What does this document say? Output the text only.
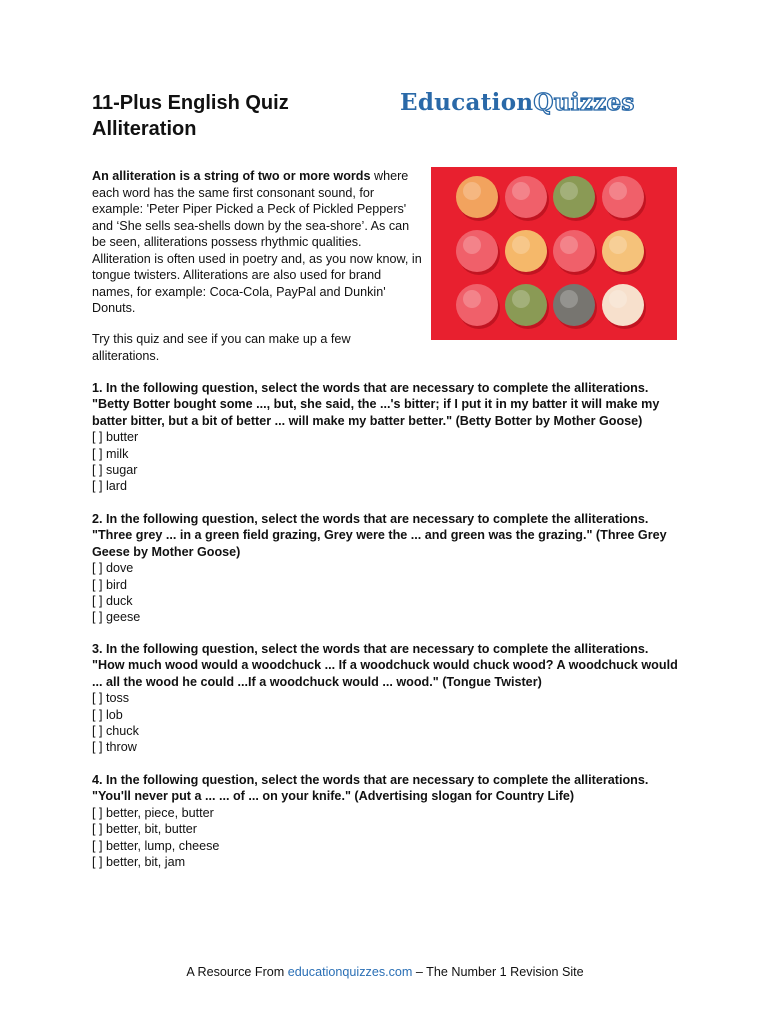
11-Plus English Quiz
Alliteration
EducationQuizzes
An alliteration is a string of two or more words where each word has the same first consonant sound, for example: 'Peter Piper Picked a Peck of Pickled Peppers' and ‘She sells sea-shells down by the sea-shore’. As can be seen, alliterations possess rhythmic qualities. Alliteration is often used in poetry and, as you now know, in tongue twisters. Alliterations are also used for brand names, for example: Coca-Cola, PayPal and Dunkin' Donuts.
Try this quiz and see if you can make up a few alliterations.
1. In the following question, select the words that are necessary to complete the alliterations. "Betty Botter bought some ..., but, she said, the ...'s bitter; if I put it in my batter it will make my batter bitter, but a bit of better ... will make my batter better." (Betty Botter by Mother Goose)
[ ] butter
[ ] milk
[ ] sugar
[ ] lard
2. In the following question, select the words that are necessary to complete the alliterations. "Three grey ... in a green field grazing, Grey were the ... and green was the grazing." (Three Grey Geese by Mother Goose)
[ ] dove
[ ] bird
[ ] duck
[ ] geese
3. In the following question, select the words that are necessary to complete the alliterations. "How much wood would a woodchuck ... If a woodchuck would chuck wood? A woodchuck would ... all the wood he could ...If a woodchuck would ... wood." (Tongue Twister)
[ ] toss
[ ] lob
[ ] chuck
[ ] throw
4. In the following question, select the words that are necessary to complete the alliterations. "You'll never put a ... ... of ... on your knife." (Advertising slogan for Country Life)
[ ] better, piece, butter
[ ] better, bit, butter
[ ] better, lump, cheese
[ ] better, bit, jam
A Resource From educationquizzes.com – The Number 1 Revision Site
